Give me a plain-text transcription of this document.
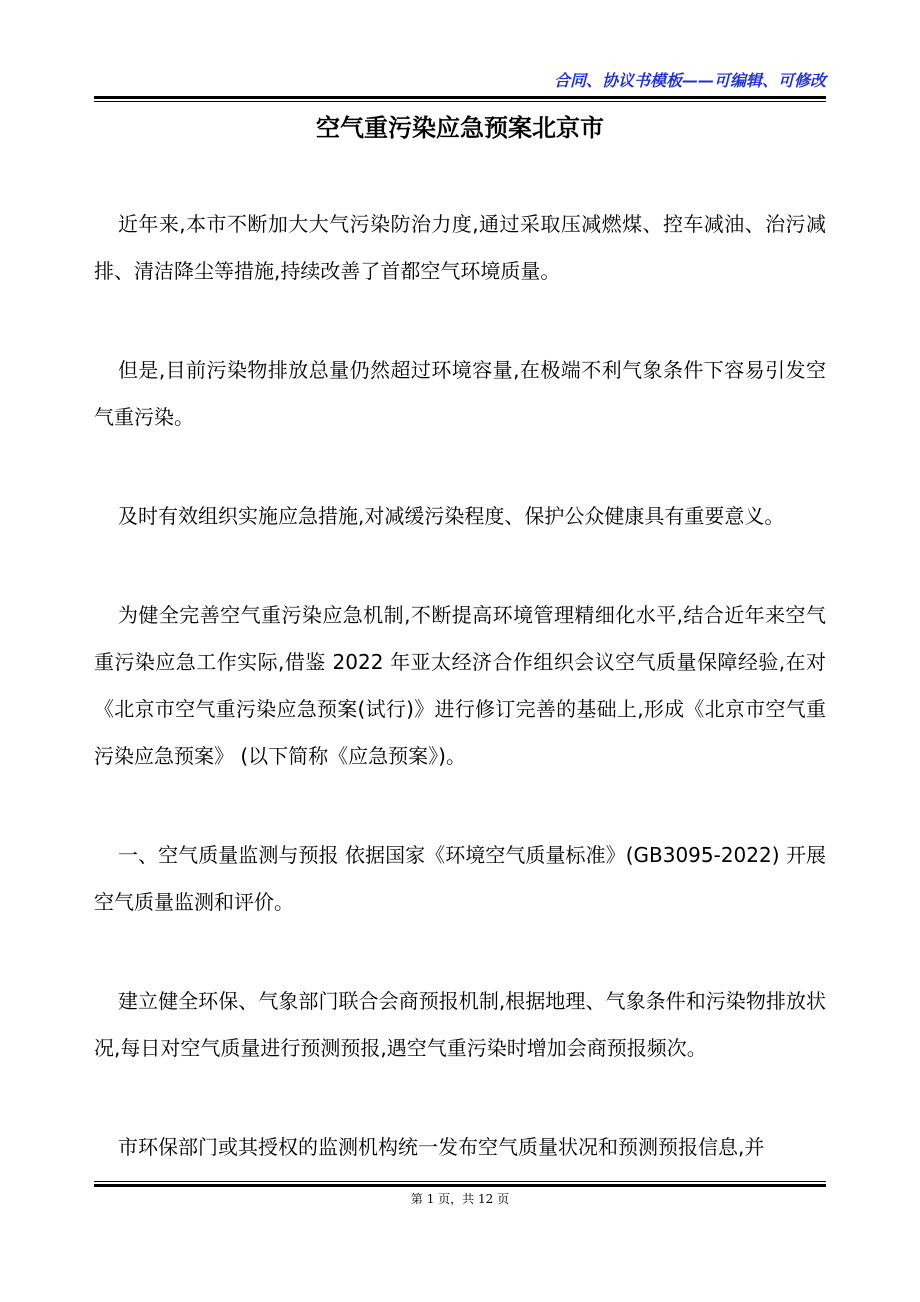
合同、协议书模板——可编辑、可修改
空气重污染应急预案北京市

近年来,本市不断加大大气污染防治力度,通过采取压减燃煤、控车减油、治污减排、清洁降尘等措施,持续改善了首都空气环境质量。

但是,目前污染物排放总量仍然超过环境容量,在极端不利气象条件下容易引发空气重污染。

及时有效组织实施应急措施,对减缓污染程度、保护公众健康具有重要意义。

为健全完善空气重污染应急机制,不断提高环境管理精细化水平,结合近年来空气重污染应急工作实际,借鉴 2022 年亚太经济合作组织会议空气质量保障经验,在对《北京市空气重污染应急预案(试行)》进行修订完善的基础上,形成《北京市空气重污染应急预案》 (以下简称《应急预案》)。

一、空气质量监测与预报 依据国家《环境空气质量标准》(GB3095-2022) 开展空气质量监测和评价。

建立健全环保、气象部门联合会商预报机制,根据地理、气象条件和污染物排放状况,每日对空气质量进行预测预报,遇空气重污染时增加会商预报频次。

市环保部门或其授权的监测机构统一发布空气质量状况和预测预报信息,并

第 1 页，共 12 页
